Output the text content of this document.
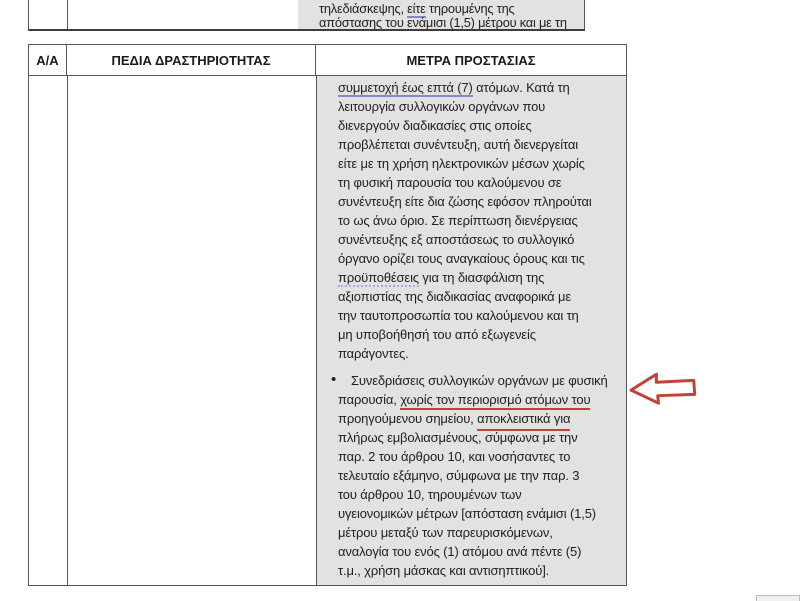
τηλεδιάσκεψης, είτε τηρουμένης της
απόστασης του ενάμισι (1,5) μέτρου και με τη
Α/Α	ΠΕΔΙΑ ΔΡΑΣΤΗΡΙΟΤΗΤΑΣ	ΜΕΤΡΑ ΠΡΟΣΤΑΣΙΑΣ
συμμετοχή έως επτά (7) ατόμων. Κατά τη
λειτουργία συλλογικών οργάνων που
διενεργούν διαδικασίες στις οποίες
προβλέπεται συνέντευξη, αυτή διενεργείται
είτε με τη χρήση ηλεκτρονικών μέσων χωρίς
τη φυσική παρουσία του καλούμενου σε
συνέντευξη είτε δια ζώσης εφόσον πληρούται
το ως άνω όριο. Σε περίπτωση διενέργειας
συνέντευξης εξ αποστάσεως το συλλογικό
όργανο ορίζει τους αναγκαίους όρους και τις
προϋποθέσεις για τη διασφάλιση της
αξιοπιστίας της διαδικασίας αναφορικά με
την ταυτοπροσωπία του καλούμενου και τη
μη υποβοήθησή του από εξωγενείς
παράγοντες.
• Συνεδριάσεις συλλογικών οργάνων με φυσική
παρουσία, χωρίς τον περιορισμό ατόμων του
προηγούμενου σημείου, αποκλειστικά για
πλήρως εμβολιασμένους, σύμφωνα με την
παρ. 2 του άρθρου 10, και νοσήσαντες το
τελευταίο εξάμηνο, σύμφωνα με την παρ. 3
του άρθρου 10, τηρουμένων των
υγειονομικών μέτρων [απόσταση ενάμισι (1,5)
μέτρου μεταξύ των παρευρισκόμενων,
αναλογία του ενός (1) ατόμου ανά πέντε (5)
τ.μ., χρήση μάσκας και αντισηπτικού].
